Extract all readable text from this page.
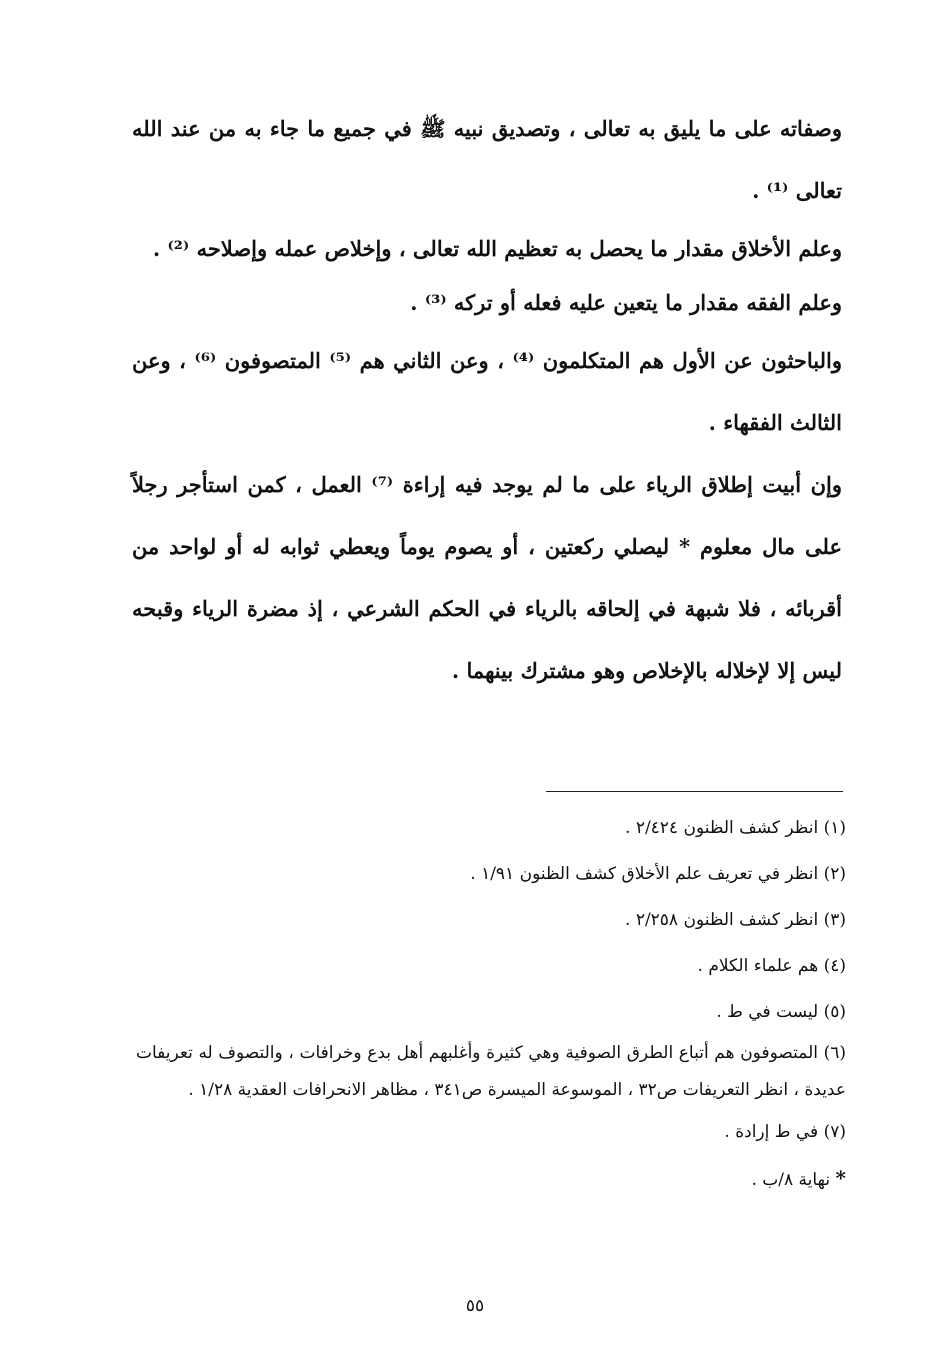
وصفاته على ما يليق به تعالى ، وتصديق نبيه ﷺ في جميع ما جاء به من عند الله تعالى ⁽¹⁾ .

وعلم الأخلاق مقدار ما يحصل به تعظيم الله تعالى ، وإخلاص عمله وإصلاحه ⁽²⁾ .

وعلم الفقه مقدار ما يتعين عليه فعله أو تركه ⁽³⁾ .

والباحثون عن الأول هم المتكلمون ⁽⁴⁾ ، وعن الثاني هم ⁽⁵⁾ المتصوفون ⁽⁶⁾ ، وعن الثالث الفقهاء .

وإن أبيت إطلاق الرياء على ما لم يوجد فيه إراءة ⁽⁷⁾ العمل ، كمن استأجر رجلاً على مال معلوم * ليصلي ركعتين ، أو يصوم يوماً ويعطي ثوابه له أو لواحد من أقربائه ، فلا شبهة في إلحاقه بالرياء في الحكم الشرعي ، إذ مضرة الرياء وقبحه ليس إلا لإخلاله بالإخلاص وهو مشترك بينهما .

(١) انظر كشف الظنون ٢/٤٢٤ .

(٢) انظر في تعريف علم الأخلاق كشف الظنون ١/٩١ .

(٣) انظر كشف الظنون ٢/٢٥٨ .

(٤) هم علماء الكلام .

(٥) ليست في ط .

(٦) المتصوفون هم أتباع الطرق الصوفية وهي كثيرة وأغلبهم أهل بدع وخرافات ، والتصوف له تعريفات عديدة ، انظر التعريفات ص٣٢ ، الموسوعة الميسرة ص٣٤١ ، مظاهر الانحرافات العقدية ١/٢٨ .

(٧) في ط إرادة .

* نهاية ٨/ب .

٥٥
